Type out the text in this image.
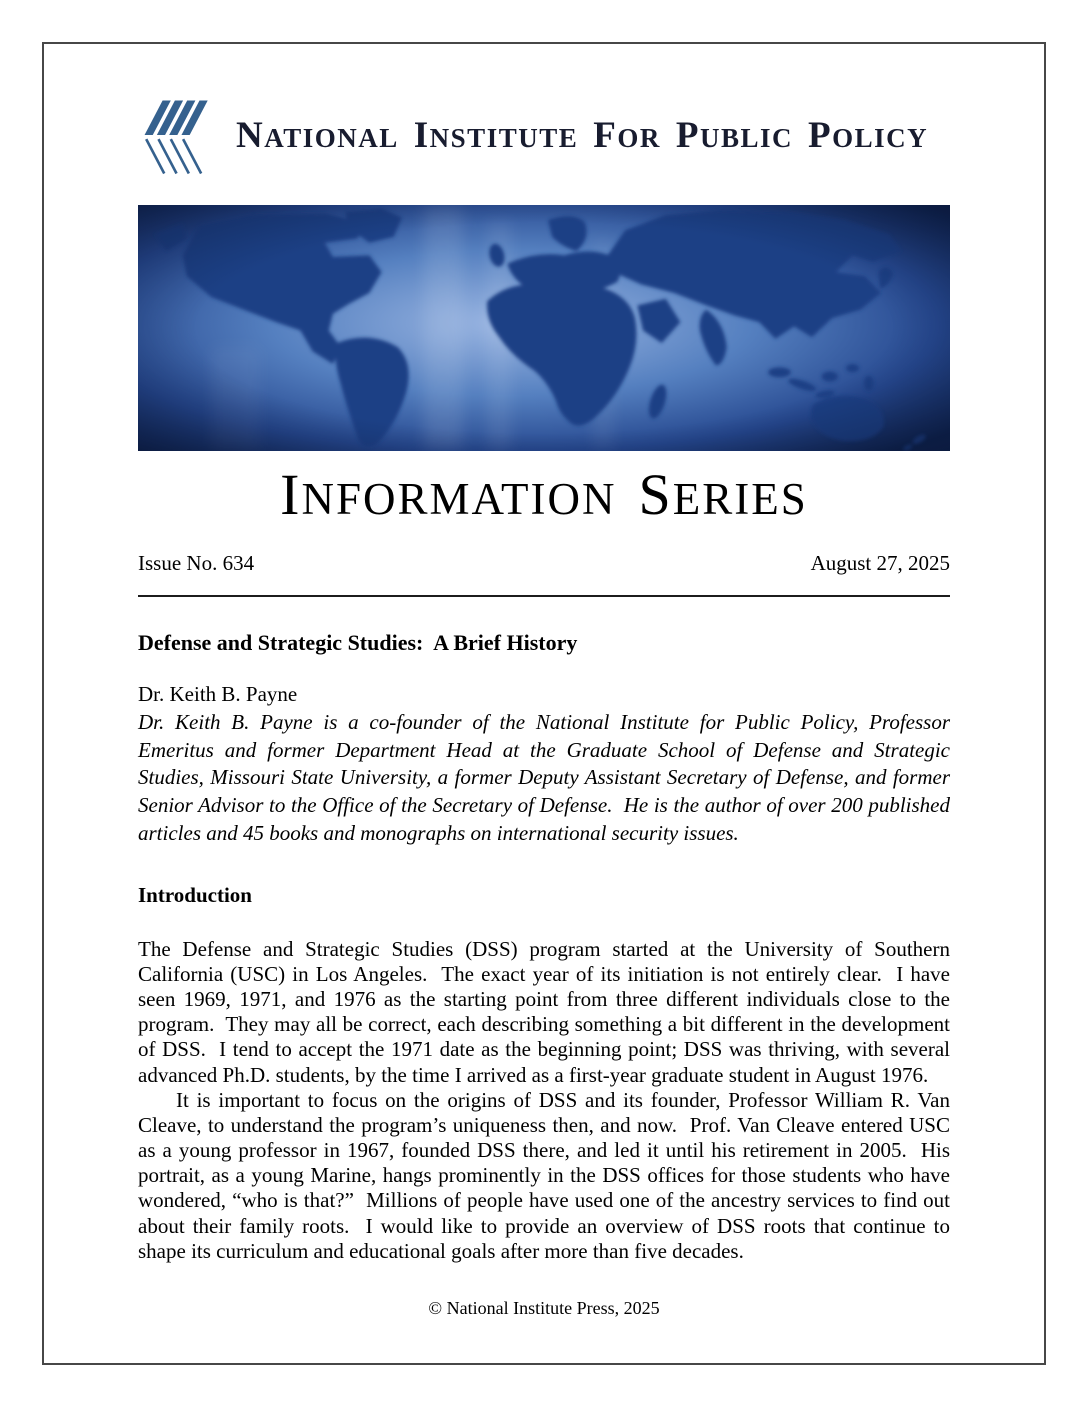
NATIONAL INSTITUTE FOR PUBLIC POLICY
INFORMATION SERIES
Issue No. 634	August 27, 2025
Defense and Strategic Studies:  A Brief History

Dr. Keith B. Payne

Dr. Keith B. Payne is a co-founder of the National Institute for Public Policy, Professor Emeritus and former Department Head at the Graduate School of Defense and Strategic Studies, Missouri State University, a former Deputy Assistant Secretary of Defense, and former Senior Advisor to the Office of the Secretary of Defense.  He is the author of over 200 published articles and 45 books and monographs on international security issues.

Introduction

The Defense and Strategic Studies (DSS) program started at the University of Southern California (USC) in Los Angeles.  The exact year of its initiation is not entirely clear.  I have seen 1969, 1971, and 1976 as the starting point from three different individuals close to the program.  They may all be correct, each describing something a bit different in the development of DSS.  I tend to accept the 1971 date as the beginning point; DSS was thriving, with several advanced Ph.D. students, by the time I arrived as a first-year graduate student in August 1976.

It is important to focus on the origins of DSS and its founder, Professor William R. Van Cleave, to understand the program’s uniqueness then, and now.  Prof. Van Cleave entered USC as a young professor in 1967, founded DSS there, and led it until his retirement in 2005.  His portrait, as a young Marine, hangs prominently in the DSS offices for those students who have wondered, “who is that?”  Millions of people have used one of the ancestry services to find out about their family roots.  I would like to provide an overview of DSS roots that continue to shape its curriculum and educational goals after more than five decades.

© National Institute Press, 2025
